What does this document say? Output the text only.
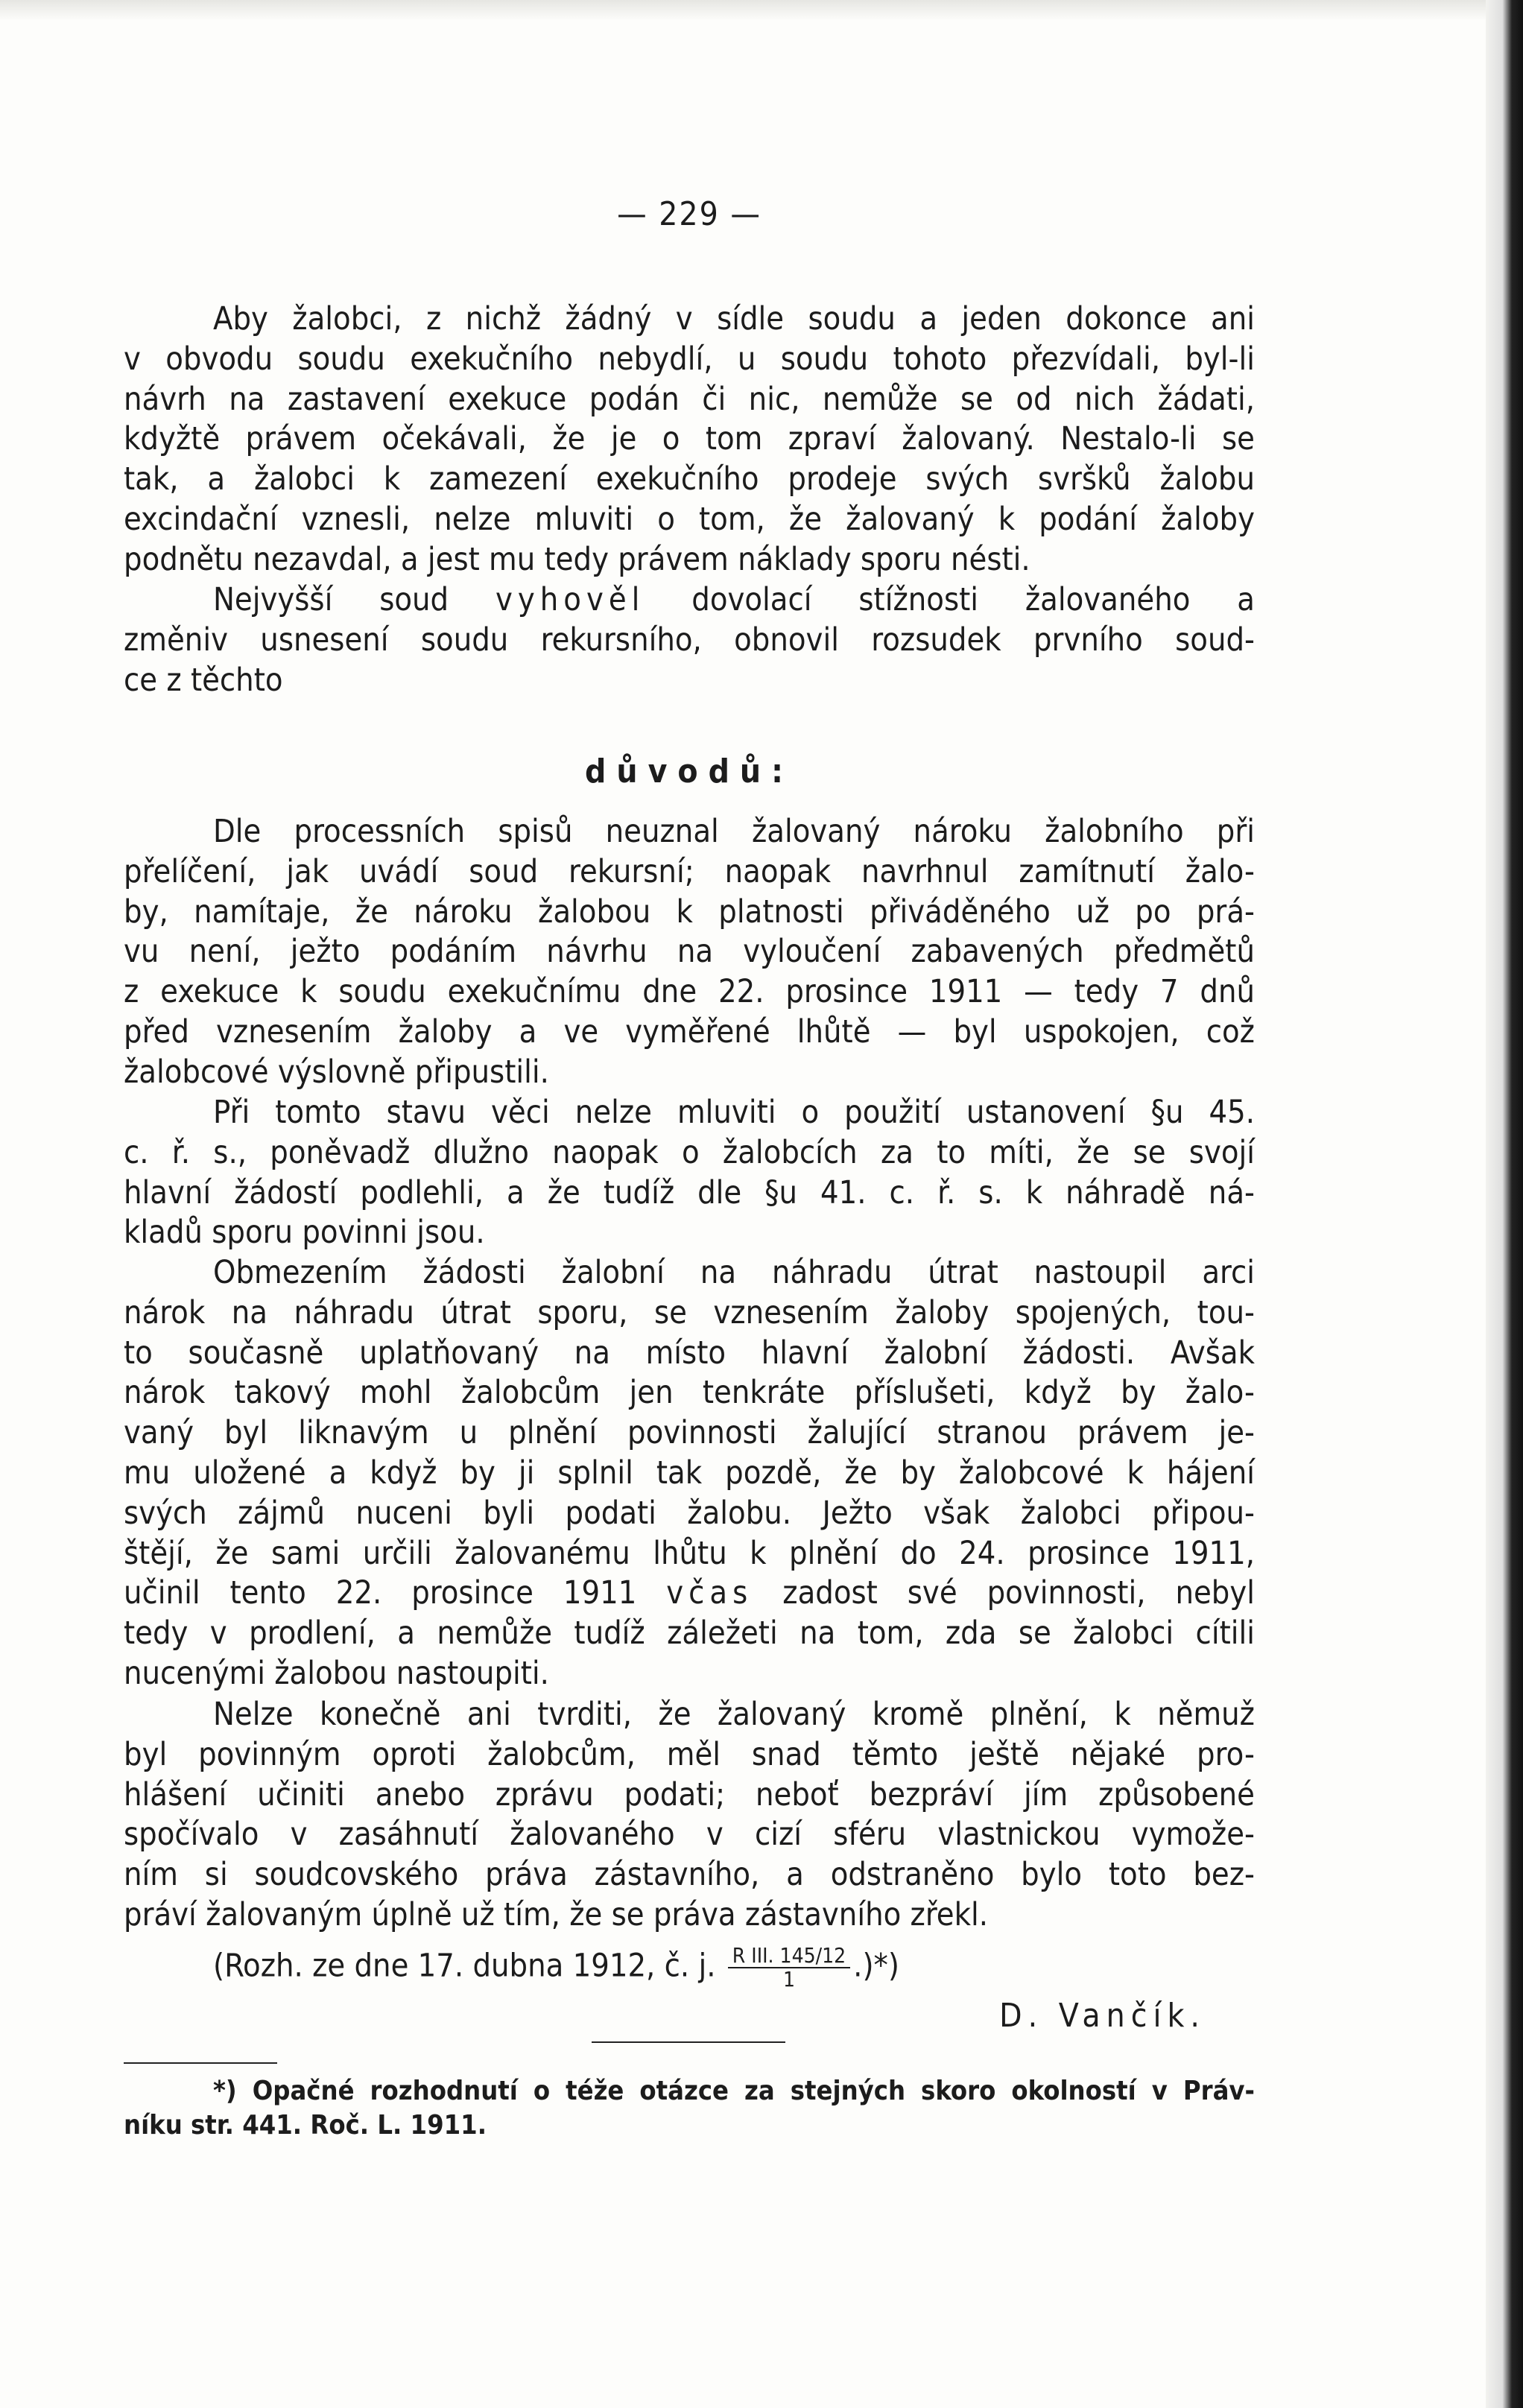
— 229 —
Aby žalobci, z nichž žádný v sídle soudu a jeden dokonce ani
v obvodu soudu exekučního nebydlí, u soudu tohoto přezvídali, byl-li
návrh na zastavení exekuce podán či nic, nemůže se od nich žádati,
kdyžtě právem očekávali, že je o tom zpraví žalovaný. Nestalo-li se
tak, a žalobci k zamezení exekučního prodeje svých svršků žalobu
excindační vznesli, nelze mluviti o tom, že žalovaný k podání žaloby
podnětu nezavdal, a jest mu tedy právem náklady sporu nésti.
Nejvyšší soud vyhověl dovolací stížnosti žalovaného a
změniv usnesení soudu rekursního, obnovil rozsudek prvního soud-
ce z těchto
důvodů:
Dle processních spisů neuznal žalovaný nároku žalobního při
přelíčení, jak uvádí soud rekursní; naopak navrhnul zamítnutí žalo-
by, namítaje, že nároku žalobou k platnosti přiváděného už po prá-
vu není, ježto podáním návrhu na vyloučení zabavených předmětů
z exekuce k soudu exekučnímu dne 22. prosince 1911 — tedy 7 dnů
před vznesením žaloby a ve vyměřené lhůtě — byl uspokojen, což
žalobcové výslovně připustili.
Při tomto stavu věci nelze mluviti o použití ustanovení §u 45.
c. ř. s., poněvadž dlužno naopak o žalobcích za to míti, že se svojí
hlavní žádostí podlehli, a že tudíž dle §u 41. c. ř. s. k náhradě ná-
kladů sporu povinni jsou.
Obmezením žádosti žalobní na náhradu útrat nastoupil arci
nárok na náhradu útrat sporu, se vznesením žaloby spojených, tou-
to současně uplatňovaný na místo hlavní žalobní žádosti. Avšak
nárok takový mohl žalobcům jen tenkráte příslušeti, když by žalo-
vaný byl liknavým u plnění povinnosti žalující stranou právem je-
mu uložené a když by ji splnil tak pozdě, že by žalobcové k hájení
svých zájmů nuceni byli podati žalobu. Ježto však žalobci připou-
štějí, že sami určili žalovanému lhůtu k plnění do 24. prosince 1911,
učinil tento 22. prosince 1911 včas zadost své povinnosti, nebyl
tedy v prodlení, a nemůže tudíž záležeti na tom, zda se žalobci cítili
nucenými žalobou nastoupiti.
Nelze konečně ani tvrditi, že žalovaný kromě plnění, k němuž
byl povinným oproti žalobcům, měl snad těmto ještě nějaké pro-
hlášení učiniti anebo zprávu podati; neboť bezpráví jím způsobené
spočívalo v zasáhnutí žalovaného v cizí sféru vlastnickou vymože-
ním si soudcovského práva zástavního, a odstraněno bylo toto bez-
práví žalovaným úplně už tím, že se práva zástavního zřekl.
(Rozh. ze dne 17. dubna 1912, č. j. $\frac{\text{R III. 145/12}}{1}$ .)*)
D. Vančík.
*) Opačné rozhodnutí o téže otázce za stejných skoro okolností v Práv-
níku str. 441. Roč. L. 1911.
